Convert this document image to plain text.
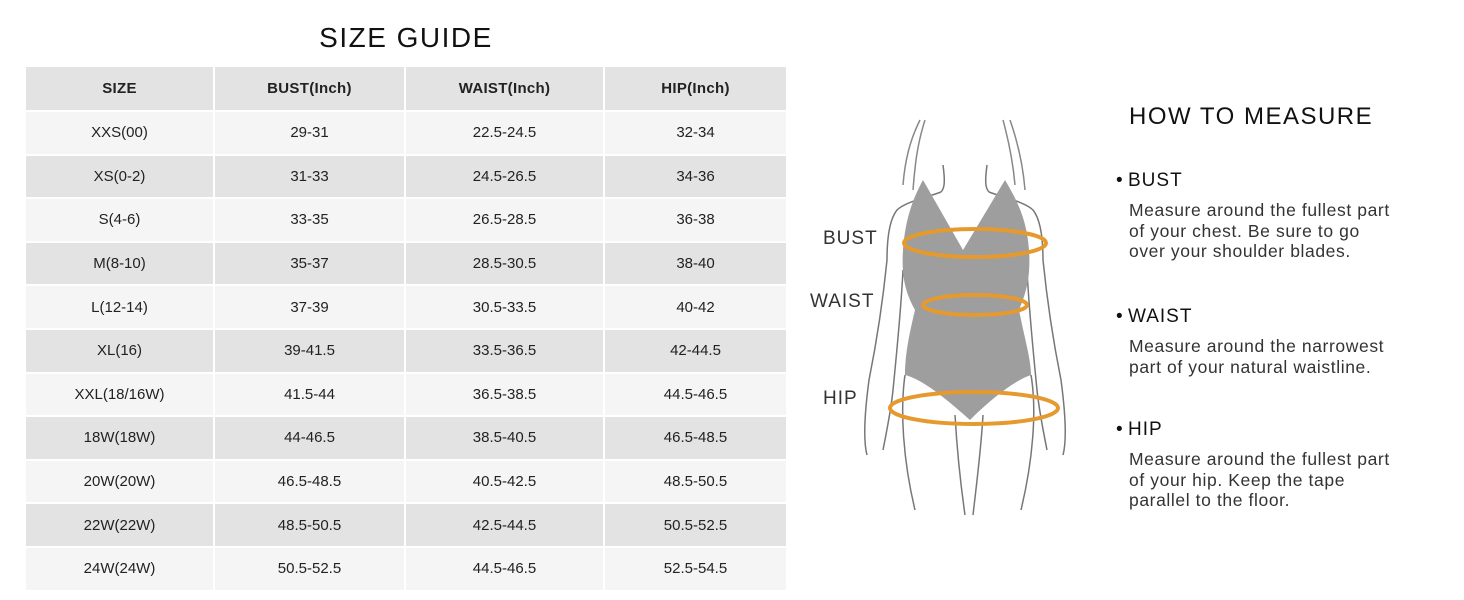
SIZE GUIDE
SIZE	BUST(Inch)	WAIST(Inch)	HIP(Inch)
XXS(00)	29-31	22.5-24.5	32-34
XS(0-2)	31-33	24.5-26.5	34-36
S(4-6)	33-35	26.5-28.5	36-38
M(8-10)	35-37	28.5-30.5	38-40
L(12-14)	37-39	30.5-33.5	40-42
XL(16)	39-41.5	33.5-36.5	42-44.5
XXL(18/16W)	41.5-44	36.5-38.5	44.5-46.5
18W(18W)	44-46.5	38.5-40.5	46.5-48.5
20W(20W)	46.5-48.5	40.5-42.5	48.5-50.5
22W(22W)	48.5-50.5	42.5-44.5	50.5-52.5
24W(24W)	50.5-52.5	44.5-46.5	52.5-54.5
BUST
WAIST
HIP
HOW TO MEASURE
• BUST
Measure around the fullest part
of your chest. Be sure to go
over your shoulder blades.
• WAIST
Measure around the narrowest
part of your natural waistline.
• HIP
Measure around the fullest part
of your hip. Keep the tape
parallel to the floor.
